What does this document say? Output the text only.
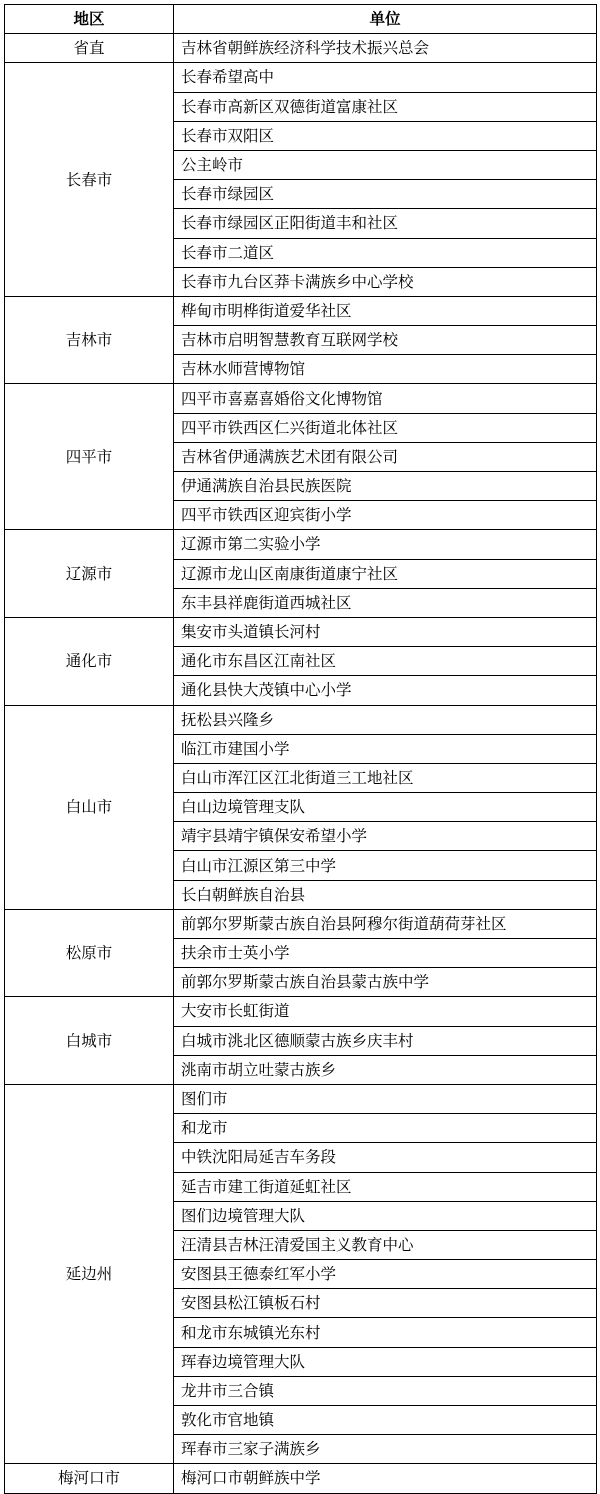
地区	单位
省直	吉林省朝鲜族经济科学技术振兴总会
长春市	长春希望高中
	长春市高新区双德街道富康社区
	长春市双阳区
	公主岭市
	长春市绿园区
	长春市绿园区正阳街道丰和社区
	长春市二道区
	长春市九台区莽卡满族乡中心学校
吉林市	桦甸市明桦街道爱华社区
	吉林市启明智慧教育互联网学校
	吉林水师营博物馆
四平市	四平市喜嘉喜婚俗文化博物馆
	四平市铁西区仁兴街道北体社区
	吉林省伊通满族艺术团有限公司
	伊通满族自治县民族医院
	四平市铁西区迎宾街小学
辽源市	辽源市第二实验小学
	辽源市龙山区南康街道康宁社区
	东丰县祥鹿街道西城社区
通化市	集安市头道镇长河村
	通化市东昌区江南社区
	通化县快大茂镇中心小学
白山市	抚松县兴隆乡
	临江市建国小学
	白山市浑江区江北街道三工地社区
	白山边境管理支队
	靖宇县靖宇镇保安希望小学
	白山市江源区第三中学
	长白朝鲜族自治县
松原市	前郭尔罗斯蒙古族自治县阿穆尔街道葫荷芽社区
	扶余市士英小学
	前郭尔罗斯蒙古族自治县蒙古族中学
白城市	大安市长虹街道
	白城市洮北区德顺蒙古族乡庆丰村
	洮南市胡立吐蒙古族乡
延边州	图们市
	和龙市
	中铁沈阳局延吉车务段
	延吉市建工街道延虹社区
	图们边境管理大队
	汪清县吉林汪清爱国主义教育中心
	安图县王德泰红军小学
	安图县松江镇板石村
	和龙市东城镇光东村
	珲春边境管理大队
	龙井市三合镇
	敦化市官地镇
	珲春市三家子满族乡
梅河口市	梅河口市朝鲜族中学
